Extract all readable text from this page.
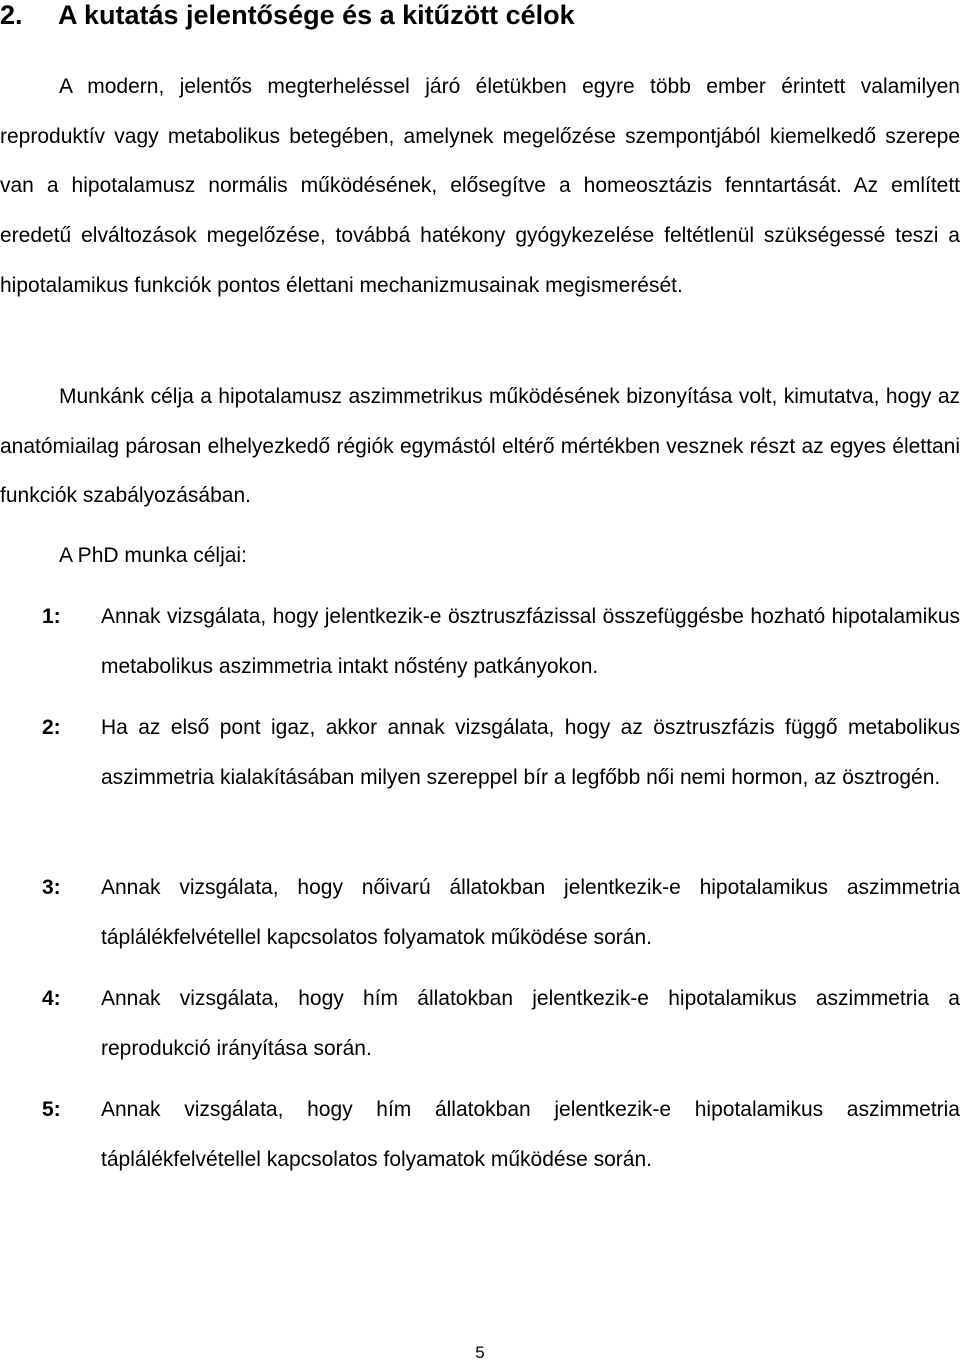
2. A kutatás jelentősége és a kitűzött célok

A modern, jelentős megterheléssel járó életükben egyre több ember érintett valamilyen reproduktív vagy metabolikus betegében, amelynek megelőzése szempontjából kiemelkedő szerepe van a hipotalamusz normális működésének, elősegítve a homeosztázis fenntartását. Az említett eredetű elváltozások megelőzése, továbbá hatékony gyógykezelése feltétlenül szükségessé teszi a hipotalamikus funkciók pontos élettani mechanizmusainak megismerését.

Munkánk célja a hipotalamusz aszimmetrikus működésének bizonyítása volt, kimutatva, hogy az anatómiailag párosan elhelyezkedő régiók egymástól eltérő mértékben vesznek részt az egyes élettani funkciók szabályozásában.

A PhD munka céljai:

1: Annak vizsgálata, hogy jelentkezik-e ösztruszfázissal összefüggésbe hozható hipotalamikus metabolikus aszimmetria intakt nőstény patkányokon.
2: Ha az első pont igaz, akkor annak vizsgálata, hogy az ösztruszfázis függő metabolikus aszimmetria kialakításában milyen szereppel bír a legfőbb női nemi hormon, az ösztrogén.
3: Annak vizsgálata, hogy nőivarú állatokban jelentkezik-e hipotalamikus aszimmetria táplálékfelvétellel kapcsolatos folyamatok működése során.
4: Annak vizsgálata, hogy hím állatokban jelentkezik-e hipotalamikus aszimmetria a reprodukció irányítása során.
5: Annak vizsgálata, hogy hím állatokban jelentkezik-e hipotalamikus aszimmetria táplálékfelvétellel kapcsolatos folyamatok működése során.
5
